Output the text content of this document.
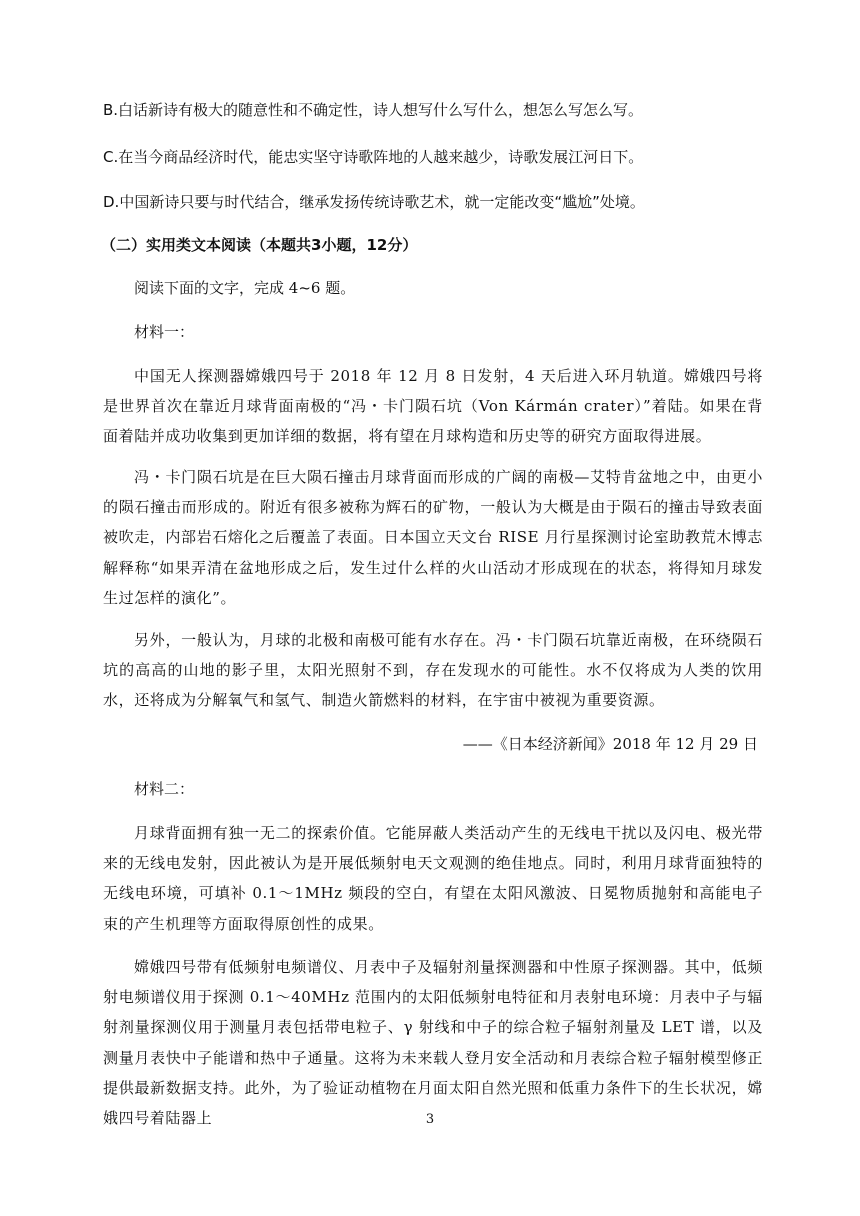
B.白话新诗有极大的随意性和不确定性，诗人想写什么写什么，想怎么写怎么写。
C.在当今商品经济时代，能忠实坚守诗歌阵地的人越来越少，诗歌发展江河日下。
D.中国新诗只要与时代结合，继承发扬传统诗歌艺术，就一定能改变“尴尬”处境。
（二）实用类文本阅读（本题共3小题，12分）
阅读下面的文字，完成 4~6 题。
材料一：
中国无人探测器嫦娥四号于 2018 年 12 月 8 日发射，4 天后进入环月轨道。嫦娥四号将是世界首次在靠近月球背面南极的“冯・卡门陨石坑（Von Kármán crater）”着陆。如果在背面着陆并成功收集到更加详细的数据，将有望在月球构造和历史等的研究方面取得进展。
冯・卡门陨石坑是在巨大陨石撞击月球背面而形成的广阔的南极—艾特肯盆地之中，由更小的陨石撞击而形成的。附近有很多被称为辉石的矿物，一般认为大概是由于陨石的撞击导致表面被吹走，内部岩石熔化之后覆盖了表面。日本国立天文台 RISE 月行星探测讨论室助教荒木博志解释称“如果弄清在盆地形成之后，发生过什么样的火山活动才形成现在的状态，将得知月球发生过怎样的演化”。
另外，一般认为，月球的北极和南极可能有水存在。冯・卡门陨石坑靠近南极，在环绕陨石坑的高高的山地的影子里，太阳光照射不到，存在发现水的可能性。水不仅将成为人类的饮用水，还将成为分解氧气和氢气、制造火箭燃料的材料，在宇宙中被视为重要资源。
——《日本经济新闻》2018 年 12 月 29 日
材料二：
月球背面拥有独一无二的探索价值。它能屏蔽人类活动产生的无线电干扰以及闪电、极光带来的无线电发射，因此被认为是开展低频射电天文观测的绝佳地点。同时，利用月球背面独特的无线电环境，可填补 0.1～1MHz 频段的空白，有望在太阳风激波、日冕物质抛射和高能电子束的产生机理等方面取得原创性的成果。
嫦娥四号带有低频射电频谱仪、月表中子及辐射剂量探测器和中性原子探测器。其中，低频射电频谱仪用于探测 0.1～40MHz 范围内的太阳低频射电特征和月表射电环境：月表中子与辐射剂量探测仪用于测量月表包括带电粒子、γ 射线和中子的综合粒子辐射剂量及 LET 谱，以及测量月表快中子能谱和热中子通量。这将为未来载人登月安全活动和月表综合粒子辐射模型修正提供最新数据支持。此外，为了验证动植物在月面太阳自然光照和低重力条件下的生长状况，嫦娥四号着陆器上	3
